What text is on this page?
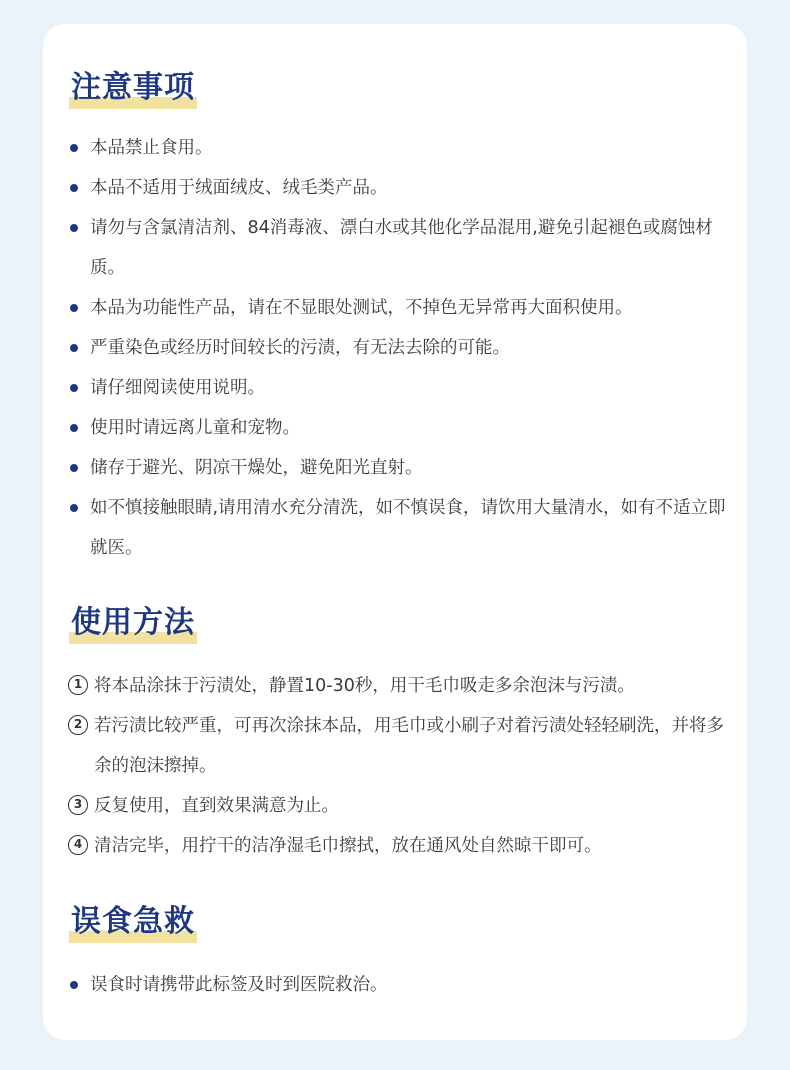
注意事项
本品禁止食用。
本品不适用于绒面绒皮、绒毛类产品。
请勿与含氯清洁剂、84消毒液、漂白水或其他化学品混用,避免引起褪色或腐蚀材质。
本品为功能性产品，请在不显眼处测试，不掉色无异常再大面积使用。
严重染色或经历时间较长的污渍，有无法去除的可能。
请仔细阅读使用说明。
使用时请远离儿童和宠物。
储存于避光、阴凉干燥处，避免阳光直射。
如不慎接触眼睛,请用清水充分清洗，如不慎误食，请饮用大量清水，如有不适立即就医。
使用方法
1 将本品涂抹于污渍处，静置10-30秒，用干毛巾吸走多余泡沫与污渍。
2 若污渍比较严重，可再次涂抹本品，用毛巾或小刷子对着污渍处轻轻刷洗，并将多余的泡沫擦掉。
3 反复使用，直到效果满意为止。
4 清洁完毕，用拧干的洁净湿毛巾擦拭，放在通风处自然晾干即可。
误食急救
误食时请携带此标签及时到医院救治。
